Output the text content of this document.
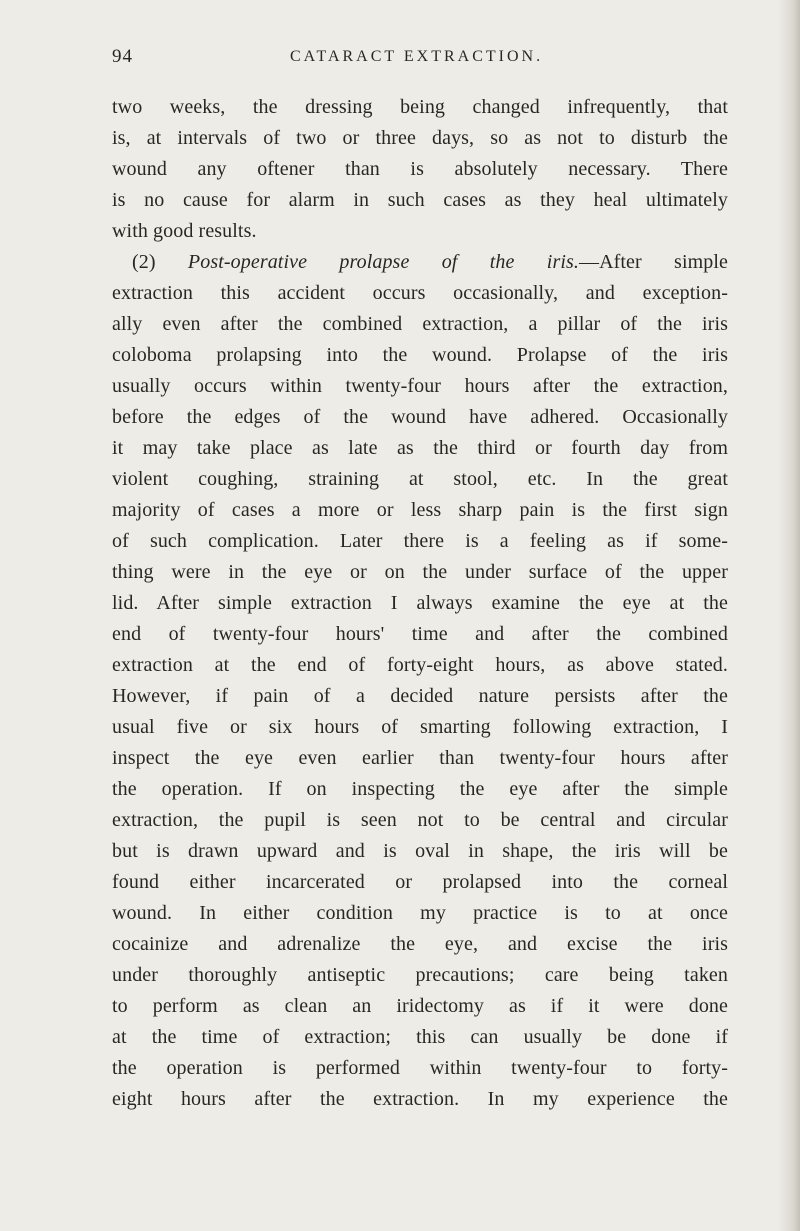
94	CATARACT EXTRACTION.
two weeks, the dressing being changed infrequently, that
is, at intervals of two or three days, so as not to disturb the
wound any oftener than is absolutely necessary. There
is no cause for alarm in such cases as they heal ultimately
with good results.
(2) Post-operative prolapse of the iris.—After simple
extraction this accident occurs occasionally, and exception-
ally even after the combined extraction, a pillar of the iris
coloboma prolapsing into the wound. Prolapse of the iris
usually occurs within twenty-four hours after the extraction,
before the edges of the wound have adhered. Occasionally
it may take place as late as the third or fourth day from
violent coughing, straining at stool, etc. In the great
majority of cases a more or less sharp pain is the first sign
of such complication. Later there is a feeling as if some-
thing were in the eye or on the under surface of the upper
lid. After simple extraction I always examine the eye at the
end of twenty-four hours' time and after the combined
extraction at the end of forty-eight hours, as above stated.
However, if pain of a decided nature persists after the
usual five or six hours of smarting following extraction, I
inspect the eye even earlier than twenty-four hours after
the operation. If on inspecting the eye after the simple
extraction, the pupil is seen not to be central and circular
but is drawn upward and is oval in shape, the iris will be
found either incarcerated or prolapsed into the corneal
wound. In either condition my practice is to at once
cocainize and adrenalize the eye, and excise the iris
under thoroughly antiseptic precautions; care being taken
to perform as clean an iridectomy as if it were done
at the time of extraction; this can usually be done if
the operation is performed within twenty-four to forty-
eight hours after the extraction. In my experience the
